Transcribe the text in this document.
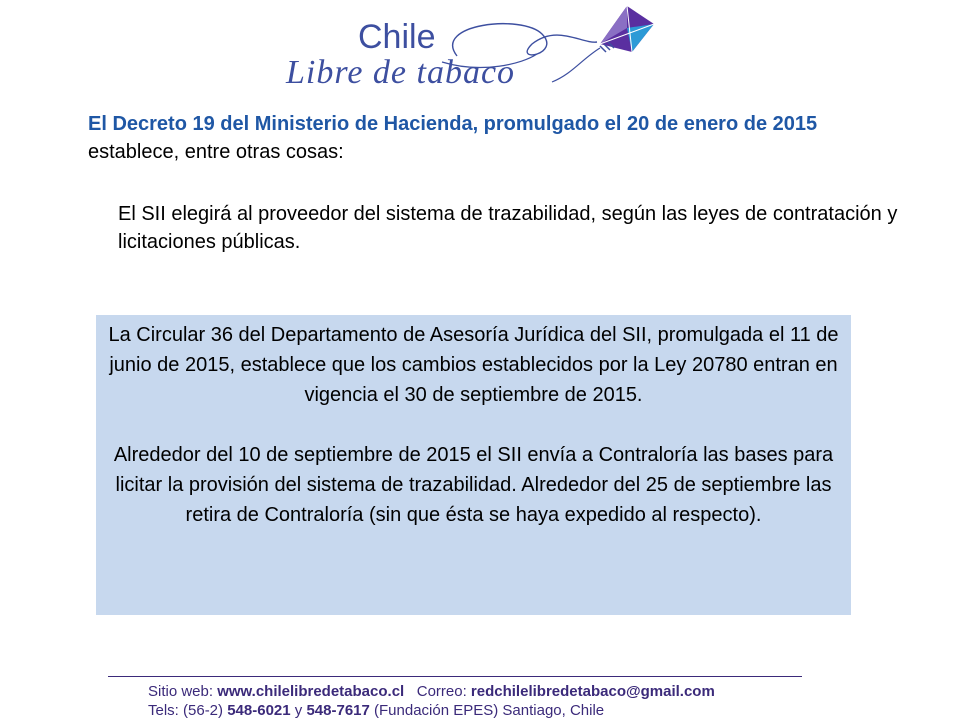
Chile
Libre de tabaco
El Decreto 19 del Ministerio de Hacienda, promulgado el 20 de enero de 2015 establece, entre otras cosas:
El SII elegirá al proveedor del sistema de trazabilidad, según las leyes de contratación y licitaciones públicas.

La Circular 36 del Departamento de Asesoría Jurídica del SII, promulgada el 11 de junio de 2015, establece que los cambios establecidos por la Ley 20780 entran en vigencia el 30 de septiembre de 2015.

Alrededor del 10 de septiembre de 2015 el SII envía a Contraloría las bases para licitar la provisión del sistema de trazabilidad. Alrededor del 25 de septiembre las retira de Contraloría (sin que ésta se haya expedido al respecto).

Sitio web: www.chilelibredetabaco.cl Correo: redchilelibredetabaco@gmail.com
Tels: (56-2) 548-6021 y 548-7617 (Fundación EPES) Santiago, Chile
